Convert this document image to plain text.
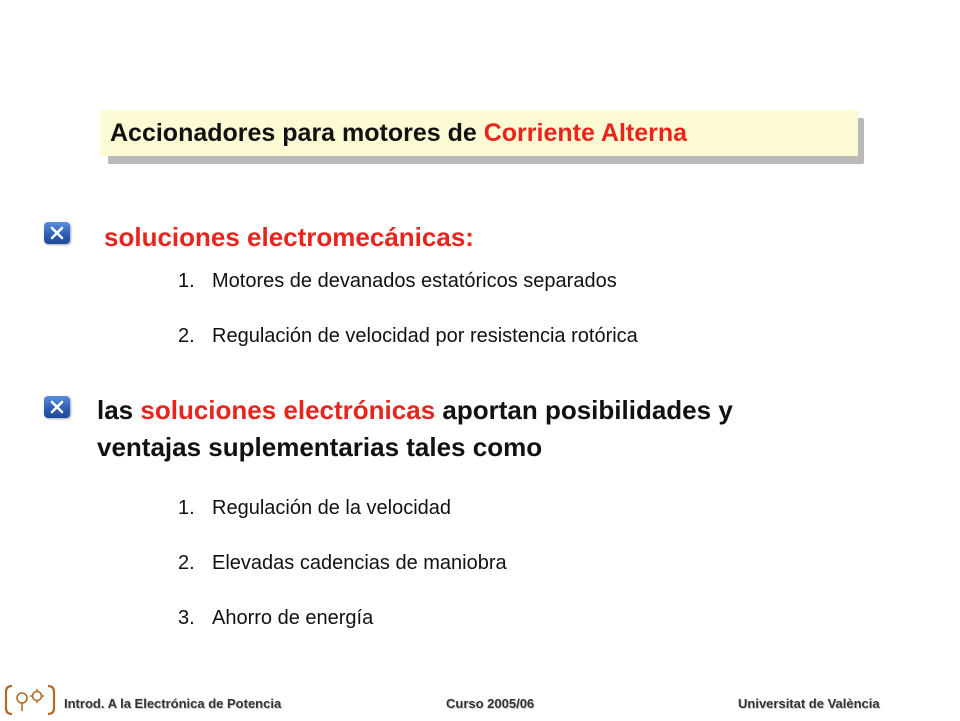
Accionadores para motores de Corriente Alterna
soluciones electromecánicas:
1. Motores de devanados estatóricos separados
2. Regulación de velocidad por resistencia rotórica
las soluciones electrónicas aportan posibilidades y
ventajas suplementarias tales como
1. Regulación de la velocidad
2. Elevadas cadencias de maniobra
3. Ahorro de energía
Introd. A la Electrónica de Potencia	Curso 2005/06	Universitat de València
